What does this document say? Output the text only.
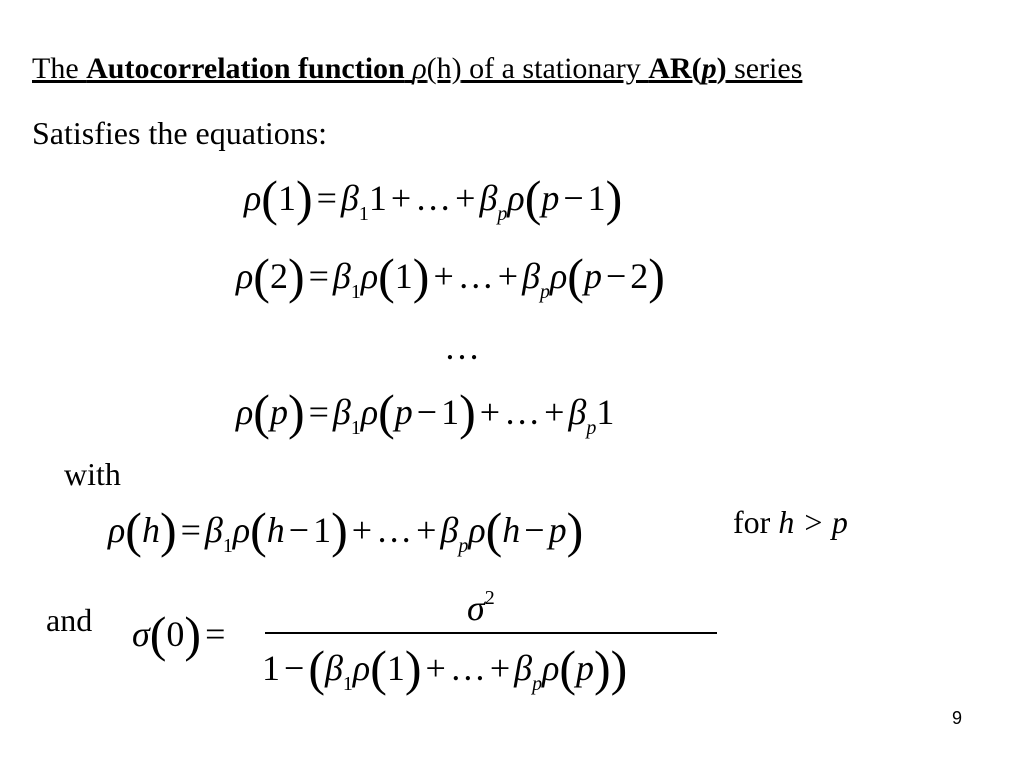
The Autocorrelation function ρ(h) of a stationary AR(p) series
Satisfies the equations:
$\rho(1) = \beta_11$ + … + $\beta_p\rho(p - 1)$
$\rho(2) = \beta_1\rho(1)$ + … + $\beta_p\rho(p - 2)$
…
$\rho(p) = \beta_1\rho(p - 1)$ + … + $\beta_p1$
with
$\rho(h) = \beta_1\rho(h - 1)$ + … + $\beta_p\rho(h - p)$	for h > p
and σ(0) =
$\sigma^2$
$1 -(\beta_1\rho(1)$ + … + $\beta_p\rho(p)$)
9
